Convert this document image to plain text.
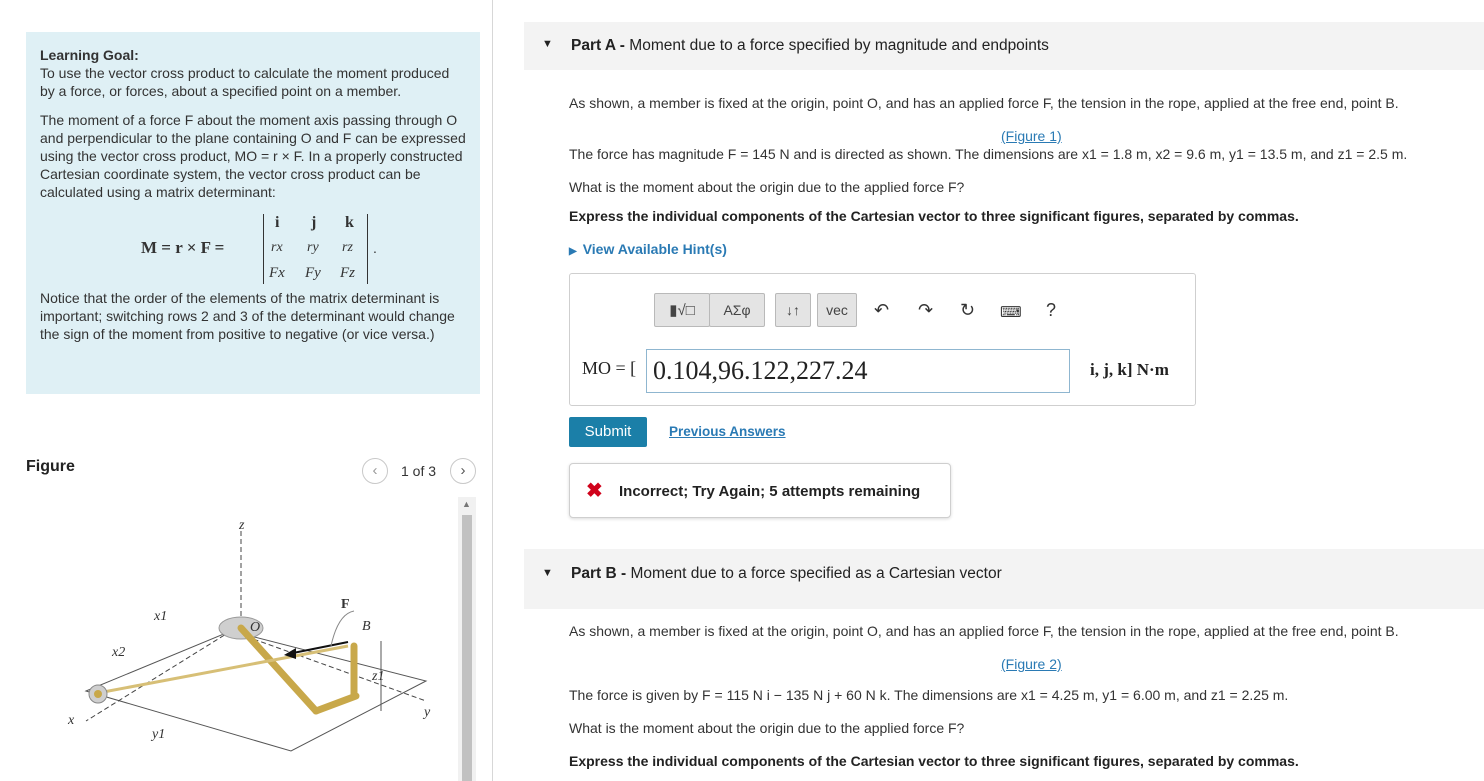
Learning Goal:
To use the vector cross product to calculate the moment produced by a force, or forces, about a specified point on a member.

The moment of a force F about the moment axis passing through O and perpendicular to the plane containing O and F can be expressed using the vector cross product, MO = r × F. In a properly constructed Cartesian coordinate system, the vector cross product can be calculated using a matrix determinant:

M = r × F =
i j k
rx ry rz
Fx Fy Fz
.

Notice that the order of the elements of the matrix determinant is important; switching rows 2 and 3 of the determinant would change the sign of the moment from positive to negative (or vice versa.)

Figure	‹	1 of 3	›
z
x1
x2
O
F
B
z1
y
x
y1
▲
▼ Part A - Moment due to a force specified by magnitude and endpoints
As shown, a member is fixed at the origin, point O, and has an applied force F, the tension in the rope, applied at the free end, point B.
(Figure 1)
The force has magnitude F = 145 N and is directed as shown. The dimensions are x1 = 1.8 m, x2 = 9.6 m, y1 = 13.5 m, and z1 = 2.5 m.
What is the moment about the origin due to the applied force F?
Express the individual components of the Cartesian vector to three significant figures, separated by commas.
▶ View Available Hint(s)
▮√□	ΑΣφ	↓↑	vec	↶ ↷ ↻ ⌨ ?
MO = [ 0.104,96.122,227.24	i, j, k] N·m
Submit	Previous Answers
✖ Incorrect; Try Again; 5 attempts remaining
▼ Part B - Moment due to a force specified as a Cartesian vector
As shown, a member is fixed at the origin, point O, and has an applied force F, the tension in the rope, applied at the free end, point B.
(Figure 2)
The force is given by F = 115 N i − 135 N j + 60 N k. The dimensions are x1 = 4.25 m, y1 = 6.00 m, and z1 = 2.25 m.
What is the moment about the origin due to the applied force F?
Express the individual components of the Cartesian vector to three significant figures, separated by commas.
